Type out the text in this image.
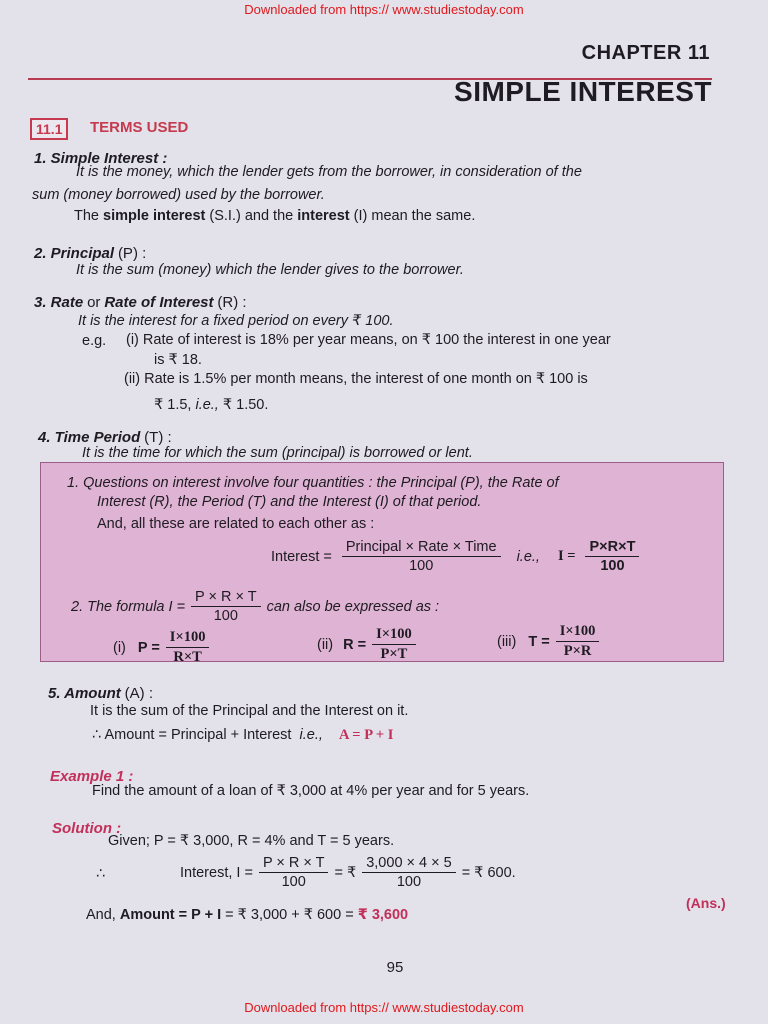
Downloaded from https:// www.studiestoday.com
CHAPTER 11
SIMPLE INTEREST
11.1	TERMS USED
1. Simple Interest :
It is the money, which the lender gets from the borrower, in consideration of the
sum (money borrowed) used by the borrower.
The simple interest (S.I.) and the interest (I) mean the same.
2. Principal (P) :
It is the sum (money) which the lender gives to the borrower.
3. Rate or Rate of Interest (R) :
It is the interest for a fixed period on every ₹ 100.
e.g. (i) Rate of interest is 18% per year means, on ₹ 100 the interest in one year
is ₹ 18.
(ii) Rate is 1.5% per month means, the interest of one month on ₹ 100 is
₹ 1.5, i.e., ₹ 1.50.
4. Time Period (T) :
It is the time for which the sum (principal) is borrowed or lent.
1. Questions on interest involve four quantities : the Principal (P), the Rate of
Interest (R), the Period (T) and the Interest (I) of that period.
And, all these are related to each other as :
Interest = $\frac{\text{Principal × Rate × Time}}{100} i.e$., $I = \frac{P\times R\times T}{100}$
2. The formula $I = \frac{P \times R \times T}{100}$ can also be expressed as :
(i) $P = \frac{I\times 100}{R\times T}$	(ii) $R = \frac{I\times 100}{P\times T}$	(iii) $T = \frac{I\times 100}{P\times R}$
5. Amount (A) :
It is the sum of the Principal and the Interest on it.
∴ Amount = Principal + Interest i.e., A = P + I
Example 1 :
Find the amount of a loan of ₹ 3,000 at 4% per year and for 5 years.
Solution :
Given; P = ₹ 3,000, R = 4% and T = 5 years.
∴	Interest, $I = \frac{P \times R \times T}{100}$ = ₹ $\frac{3,000 \times 4 \times 5}{100}$ = ₹ 600.
And, Amount = P + I = ₹ 3,000 + ₹ 600 = ₹ 3,600
(Ans.)
95
Downloaded from https:// www.studiestoday.com
